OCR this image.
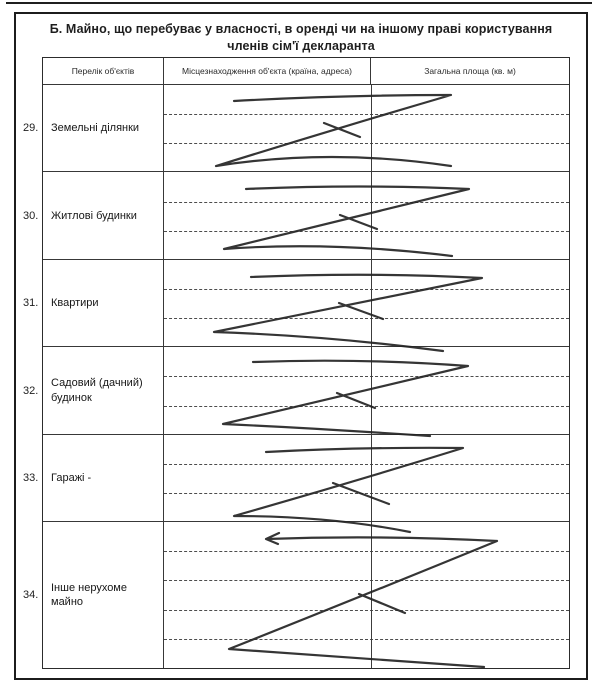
Б. Майно, що перебуває у власності, в оренді чи на іншому праві користування
членів сім'ї декларанта
Перелік об'єктів	Місцезнаходження об'єкта (країна, адреса)	Загальна площа (кв. м)
29. Земельні ділянки
30. Житлові будинки
31. Квартири
32.
Садовий (дачний) будинок
33. Гаражі -
34.
Інше нерухоме майно
